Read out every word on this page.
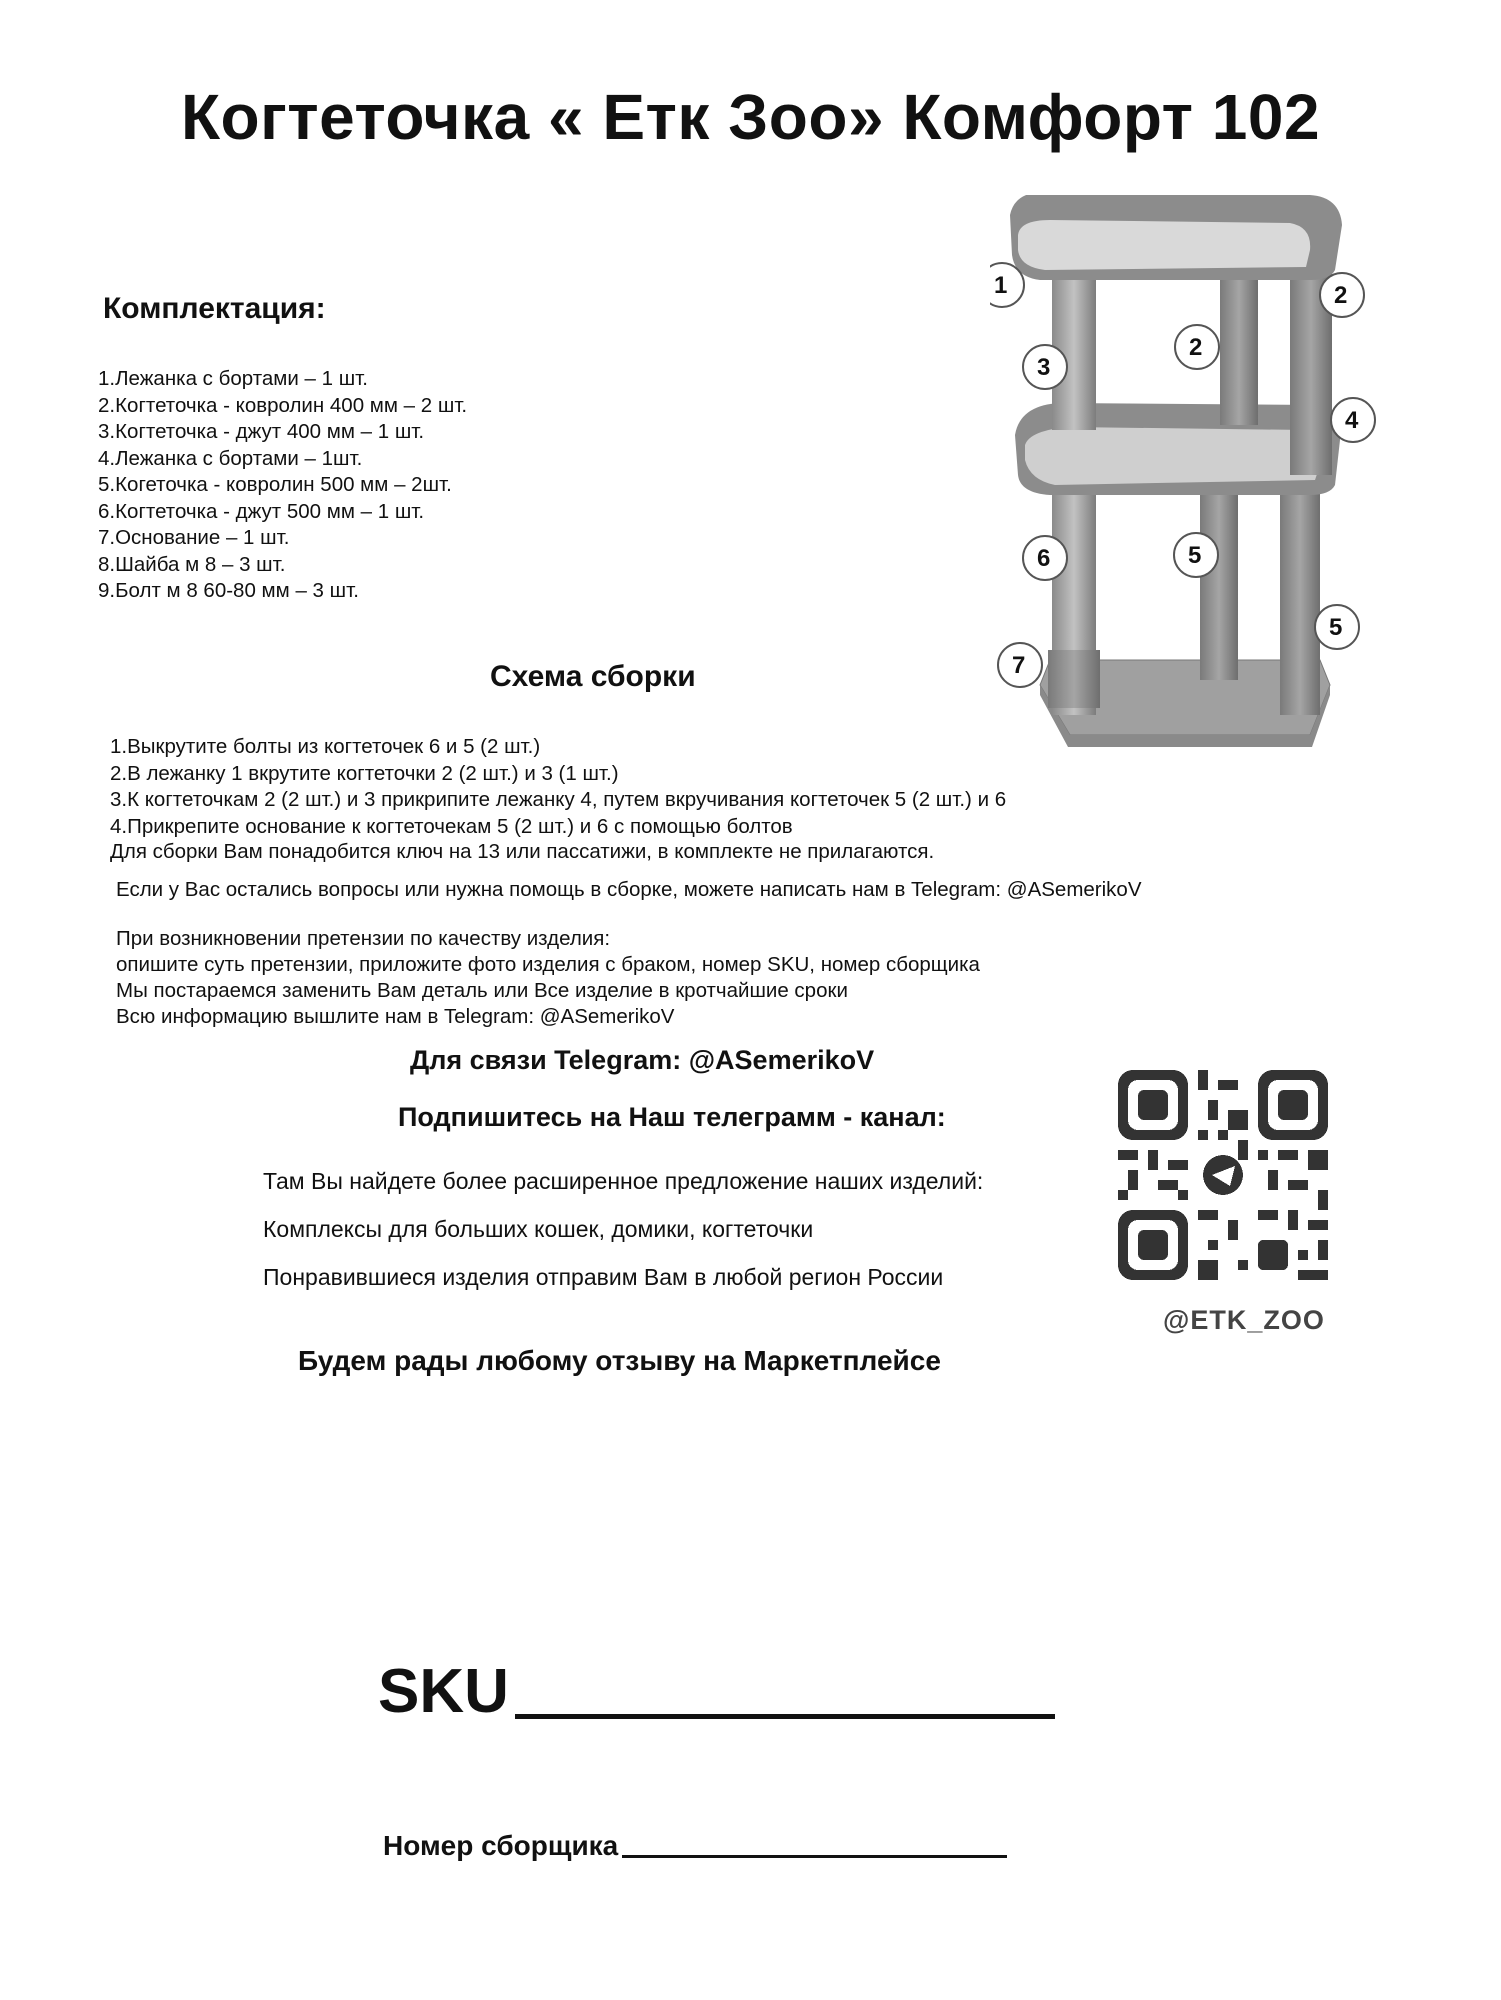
Когтеточка « Етк Зоо» Комфорт 102
Комплектация:
1.Лежанка с бортами – 1 шт.
2.Когтеточка - ковролин 400 мм – 2 шт.
3.Когтеточка - джут 400 мм – 1 шт.
4.Лежанка с бортами – 1шт.
5.Когеточка - ковролин 500 мм – 2шт.
6.Когтеточка - джут 500 мм – 1 шт.
7.Основание – 1 шт.
8.Шайба м 8 – 3 шт.
9.Болт м 8 60-80 мм – 3 шт.
1	2
2
3
4
5
5
6
7
Схема сборки
1.Выкрутите болты из когтеточек 6 и 5 (2 шт.)
2.В лежанку 1 вкрутите когтеточки 2 (2 шт.) и 3 (1 шт.)
3.К когтеточкам 2 (2 шт.) и 3 прикрипите лежанку 4, путем вкручивания когтеточек 5 (2 шт.) и 6
4.Прикрепите основание к когтеточекам 5 (2 шт.) и 6 с помощью болтов
Для сборки Вам понадобится ключ на 13 или пассатижи, в комплекте не прилагаются.
Если у Вас остались вопросы или нужна помощь в сборке, можете написать нам в Telegram: @ASemerikoV
При возникновении претензии по качеству изделия:
опишите суть претензии, приложите фото изделия с браком, номер SKU, номер сборщика
Мы постараемся заменить Вам деталь или Все изделие в кротчайшие сроки
Всю информацию вышлите нам в Telegram: @ASemerikoV
Для связи Telegram: @ASemerikoV
Подпишитесь на Наш телеграмм - канал:
Там Вы найдете более расширенное предложение наших изделий:
Комплексы для больших кошек, домики, когтеточки
Понравившиеся изделия отправим Вам в любой регион России
@ETK_ZOO
Будем рады любому отзыву на Маркетплейсе
SKU
Номер сборщика
